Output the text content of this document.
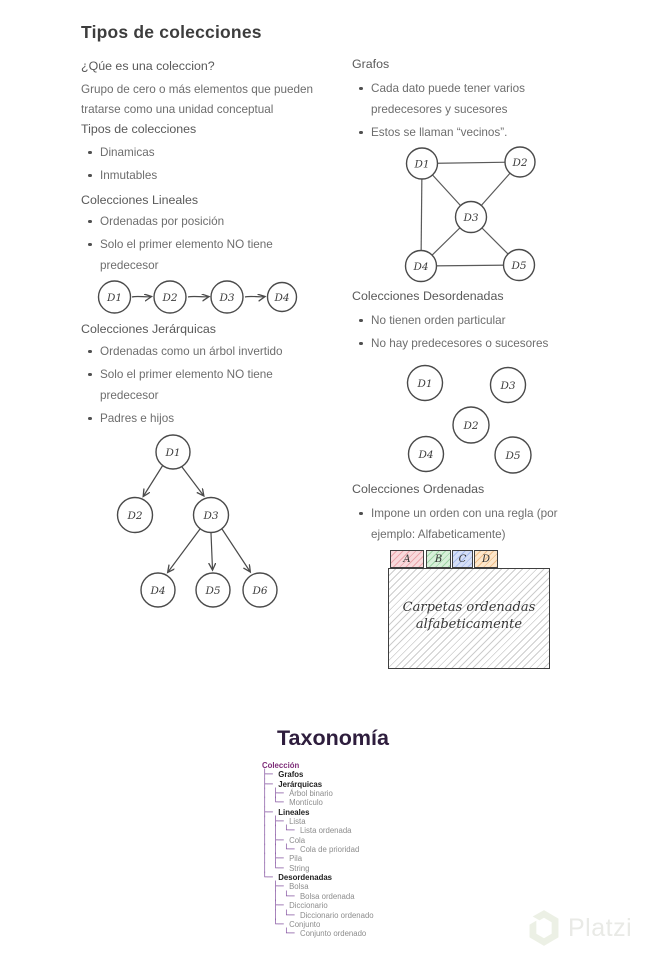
Tipos de colecciones
¿Qúe es una coleccion?
Grupo de cero o más elementos que pueden tratarse como una unidad conceptual
Tipos de colecciones
Dinamicas
Inmutables
Colecciones Lineales
Ordenadas por posición
Solo el primer elemento NO tiene predecesor
D1	D2	D3	D4
Colecciones Jerárquicas
Ordenadas como un árbol invertido
Solo el primer elemento NO tiene predecesor
Padres e hijos
D1
D2	D3
D4	D5	D6
Grafos
Cada dato puede tener varios predecesores y sucesores
Estos se llaman “vecinos”.
D1	D2
D3
D4	D5
Colecciones Desordenadas
No tienen orden particular
No hay predecesores o sucesores
D1	D3
D2
D4	D5
Colecciones Ordenadas
Impone un orden con una regla (por ejemplo: Alfabeticamente)
A B C D
Carpetas ordenadas
alfabeticamente
Taxonomía
Colección
├─ Grafos
├─ Jerárquicas
│ ├─ Árbol binario
│ └─ Montículo
├─ Lineales
│ ├─ Lista
│ │ └─ Lista ordenada
│ ├─ Cola
│ │ └─ Cola de prioridad
│ ├─ Pila
│ └─ String
└─ Desordenadas
├─ Bolsa
│ └─ Bolsa ordenada
├─ Diccionario
│ └─ Diccionario ordenado
└─ Conjunto
└─ Conjunto ordenado	Platzi
